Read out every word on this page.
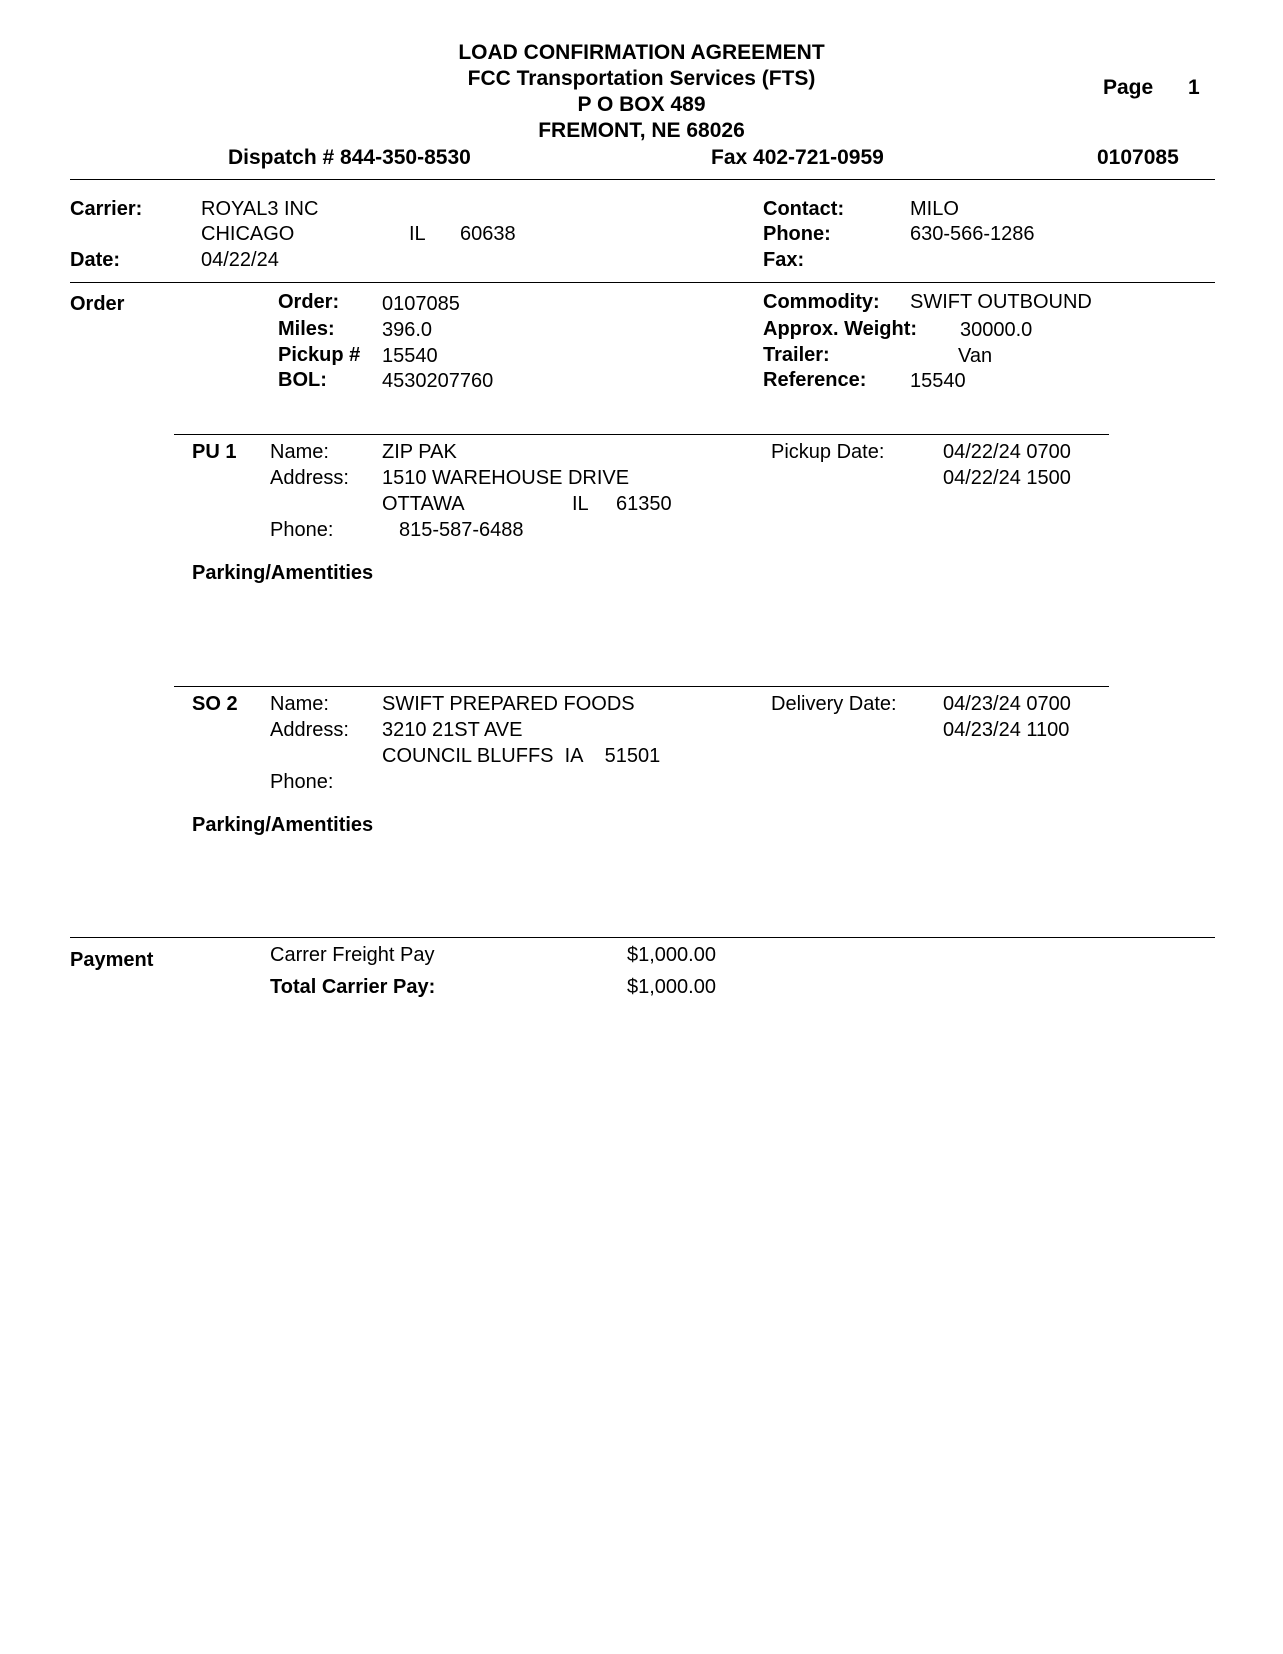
LOAD CONFIRMATION AGREEMENT
FCC Transportation Services (FTS)
P O BOX 489
FREMONT, NE 68026
Page 1
Dispatch # 844-350-8530	Fax 402-721-0959	0107085
Carrier:	ROYAL3 INC
CHICAGO	IL 60638
Date:	04/22/24
Contact:	MILO
Phone:	630-566-1286
Fax:
Order	Order: 0107085
Miles: 396.0
Pickup # 15540
BOL:	4530207760
Commodity: SWIFT OUTBOUND
Approx. Weight: 30000.0
Trailer:	Van
Reference: 15540
PU 1 Name:	ZIP PAK
Address: 1510 WAREHOUSE DRIVE
OTTAWA	IL 61350
Phone:	815-587-6488
Pickup Date:	04/22/24 0700
04/22/24 1500
Parking/Amentities
SO 2 Name:	SWIFT PREPARED FOODS
Address: 3210 21ST AVE
COUNCIL BLUFFS  IA    51501
Phone:
Delivery Date: 04/23/24 0700
04/23/24 1100
Parking/Amentities
Payment	Carrer Freight Pay	$1,000.00
Total Carrier Pay:	$1,000.00
